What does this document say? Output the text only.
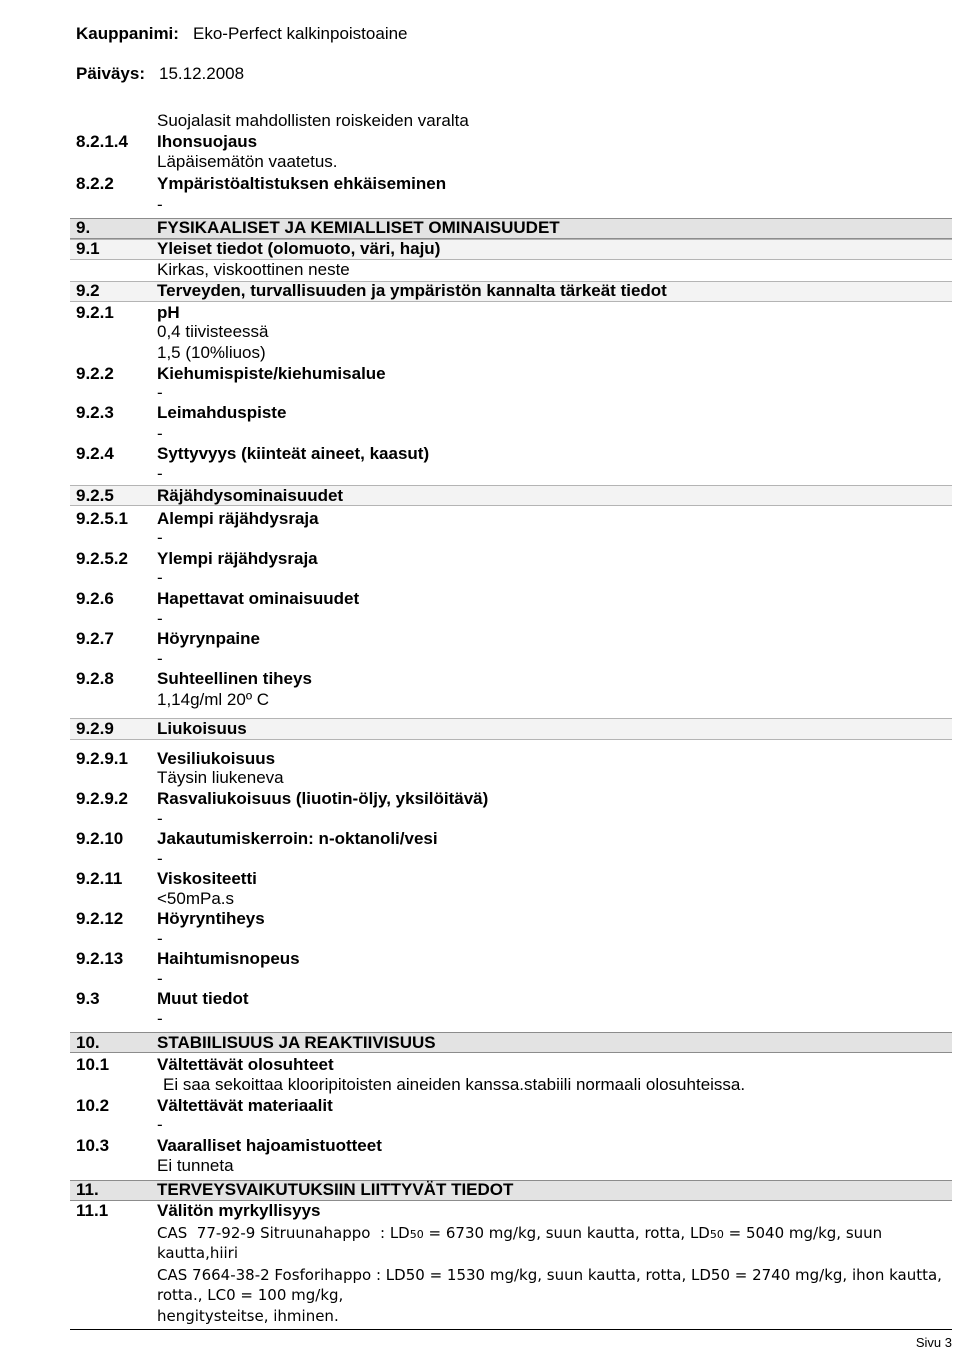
Kauppanimi: Eko-Perfect kalkinpoistoaine
Päiväys: 15.12.2008
Suojalasit mahdollisten roiskeiden varalta
8.2.1.4 Ihonsuojaus
Läpäisemätön vaatetus.
8.2.2	Ympäristöaltistuksen ehkäiseminen
-
9.	FYSIKAALISET JA KEMIALLISET OMINAISUUDET
9.1	Yleiset tiedot (olomuoto, väri, haju)
Kirkas, viskoottinen neste
9.2	Terveyden, turvallisuuden ja ympäristön kannalta tärkeät tiedot
9.2.1	pH
0,4 tiivisteessä
1,5 (10%liuos)
9.2.2	Kiehumispiste/kiehumisalue
-
9.2.3	Leimahduspiste
-
9.2.4	Syttyvyys (kiinteät aineet, kaasut)
-
9.2.5	Räjähdysominaisuudet
9.2.5.1 Alempi räjähdysraja
-
9.2.5.2 Ylempi räjähdysraja
-
9.2.6	Hapettavat ominaisuudet
-
9.2.7	Höyrynpaine
-
9.2.8	Suhteellinen tiheys
1,14g/ml 20º C
9.2.9	Liukoisuus
9.2.9.1 Vesiliukoisuus
Täysin liukeneva
9.2.9.2 Rasvaliukoisuus (liuotin-öljy, yksilöitävä)
-
9.2.10 Jakautumiskerroin: n-oktanoli/vesi
-
9.2.11 Viskositeetti
<50mPa.s
9.2.12 Höyryntiheys
-
9.2.13 Haihtumisnopeus
-
9.3	Muut tiedot
-
10.	STABIILISUUS JA REAKTIIVISUUS
10.1	Vältettävät olosuhteet
Ei saa sekoittaa klooripitoisten aineiden kanssa.stabiili normaali olosuhteissa.
10.2	Vältettävät materiaalit
-
10.3	Vaaralliset hajoamistuotteet
Ei tunneta
11.	TERVEYSVAIKUTUKSIIN LIITTYVÄT TIEDOT
11.1	Välitön myrkyllisyys
CAS  77-92-9 Sitruunahappo  : LD50 = 6730 mg/kg, suun kautta, rotta, LD50 = 5040 mg/kg, suun
kautta,hiiri
CAS 7664-38-2 Fosforihappo : LD50 = 1530 mg/kg, suun kautta, rotta, LD50 = 2740 mg/kg, ihon kautta,
rotta., LC0 = 100 mg/kg,
hengitysteitse, ihminen.
Sivu 3
